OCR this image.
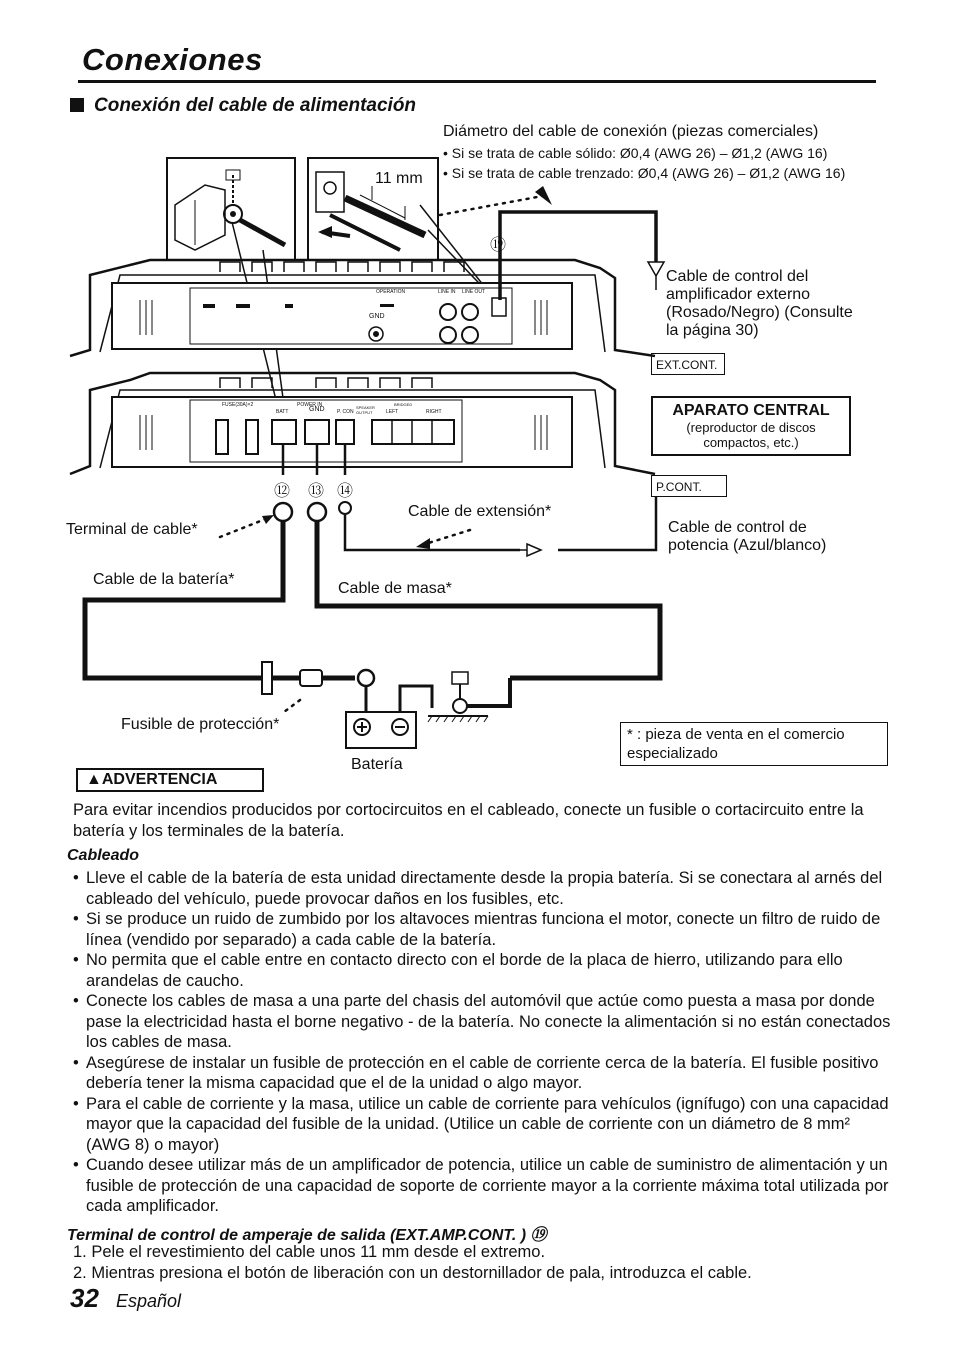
Conexiones
Conexión del cable de alimentación
Diámetro del cable de conexión (piezas comerciales)
• Si se trata de cable sólido: Ø0,4 (AWG 26) – Ø1,2 (AWG 16)
• Si se trata de cable trenzado: Ø0,4 (AWG 26) – Ø1,2 (AWG 16)
11 mm
⑲
Cable de control del amplificador externo (Rosado/Negro) (Consulte la página 30)
EXT.CONT.
APARATO CENTRAL
(reproductor de discos compactos, etc.)
P.CONT.
⑫ ⑬ ⑭
Terminal de cable*
Cable de extensión*
Cable de control de potencia (Azul/blanco)
Cable de la batería*
Cable de masa*
Fusible de protección*
Batería
* : pieza de venta en el comercio especializado
GND
OPERATION	LINE IN LINE OUT
FUSE(30A)×2	POWER IN
BATT	GND P. CON
SPEAKER OUTPUT
BRIDGED
LEFT	RIGHT
▲ADVERTENCIA
Para evitar incendios producidos por cortocircuitos en el cableado, conecte un fusible o cortacircuito entre la batería y los terminales de la batería.
Cableado
• Lleve el cable de la batería de esta unidad directamente desde la propia batería. Si se conectara al arnés del cableado del vehículo, puede provocar daños en los fusibles, etc.
• Si se produce un ruido de zumbido por los altavoces mientras funciona el motor, conecte un filtro de ruido de línea (vendido por separado) a cada cable de la batería.
• No permita que el cable entre en contacto directo con el borde de la placa de hierro, utilizando para ello arandelas de caucho.
• Conecte los cables de masa a una parte del chasis del automóvil que actúe como puesta a masa por donde pase la electricidad hasta el borne negativo - de la batería. No conecte la alimentación si no están conectados los cables de masa.
• Asegúrese de instalar un fusible de protección en el cable de corriente cerca de la batería. El fusible positivo debería tener la misma capacidad que el de la unidad o algo mayor.
• Para el cable de corriente y la masa, utilice un cable de corriente para vehículos (ignífugo) con una capacidad mayor que la capacidad del fusible de la unidad. (Utilice un cable de corriente con un diámetro de 8 mm² (AWG 8) o mayor)
• Cuando desee utilizar más de un amplificador de potencia, utilice un cable de suministro de alimentación y un fusible de protección de una capacidad de soporte de corriente mayor a la corriente máxima total utilizada por cada amplificador.
Terminal de control de amperaje de salida (EXT.AMP.CONT. ) ⑲
1. Pele el revestimiento del cable unos 11 mm desde el extremo.
2. Mientras presiona el botón de liberación con un destornillador de pala, introduzca el cable.
32 Español
